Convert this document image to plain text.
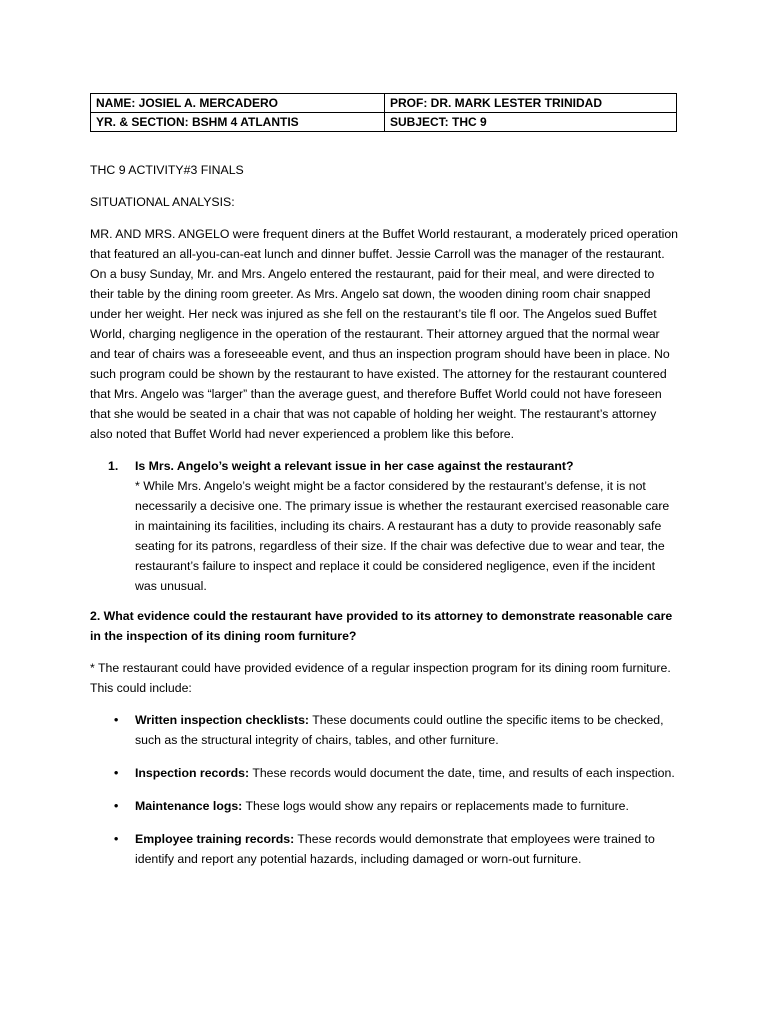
NAME: JOSIEL A. MERCADERO	PROF: DR. MARK LESTER TRINIDAD
YR. & SECTION: BSHM 4 ATLANTIS	SUBJECT: THC 9

THC 9 ACTIVITY#3 FINALS

SITUATIONAL ANALYSIS:

MR. AND MRS. ANGELO were frequent diners at the Buffet World restaurant, a moderately priced operation that featured an all-you-can-eat lunch and dinner buffet. Jessie Carroll was the manager of the restaurant. On a busy Sunday, Mr. and Mrs. Angelo entered the restaurant, paid for their meal, and were directed to their table by the dining room greeter. As Mrs. Angelo sat down, the wooden dining room chair snapped under her weight. Her neck was injured as she fell on the restaurant’s tile fl oor. The Angelos sued Buffet World, charging negligence in the operation of the restaurant. Their attorney argued that the normal wear and tear of chairs was a foreseeable event, and thus an inspection program should have been in place. No such program could be shown by the restaurant to have existed. The attorney for the restaurant countered that Mrs. Angelo was “larger” than the average guest, and therefore Buffet World could not have foreseen that she would be seated in a chair that was not capable of holding her weight. The restaurant’s attorney also noted that Buffet World had never experienced a problem like this before.

1.	Is Mrs. Angelo’s weight a relevant issue in her case against the restaurant?

* While Mrs. Angelo’s weight might be a factor considered by the restaurant’s defense, it is not necessarily a decisive one. The primary issue is whether the restaurant exercised reasonable care in maintaining its facilities, including its chairs. A restaurant has a duty to provide reasonably safe seating for its patrons, regardless of their size. If the chair was defective due to wear and tear, the restaurant’s failure to inspect and replace it could be considered negligence, even if the incident was unusual.

2. What evidence could the restaurant have provided to its attorney to demonstrate reasonable care in the inspection of its dining room furniture?

* The restaurant could have provided evidence of a regular inspection program for its dining room furniture. This could include:

•	Written inspection checklists: These documents could outline the specific items to be checked, such as the structural integrity of chairs, tables, and other furniture.
•	Inspection records: These records would document the date, time, and results of each inspection.
•	Maintenance logs: These logs would show any repairs or replacements made to furniture.
•	Employee training records: These records would demonstrate that employees were trained to identify and report any potential hazards, including damaged or worn-out furniture.
